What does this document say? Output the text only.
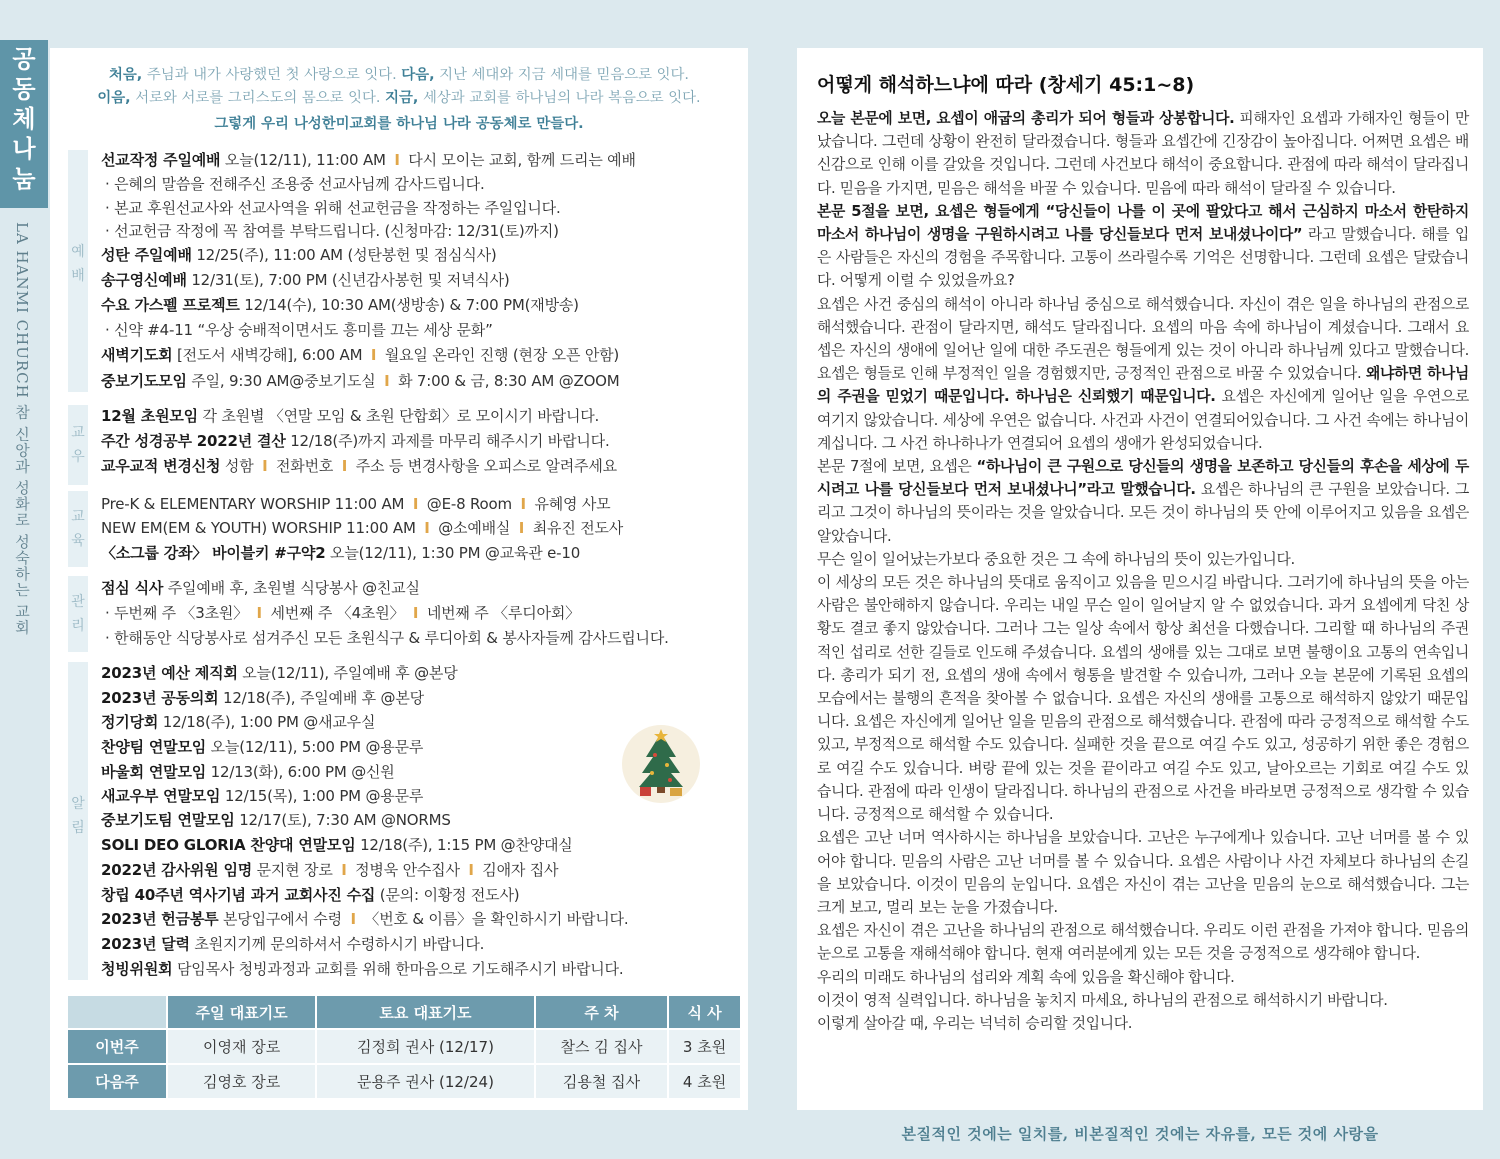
공
동
체
나
눔
LA HANMI CHURCH 참 신앙과 성화로 성숙하는 교회
처음, 주님과 내가 사랑했던 첫 사랑으로 잇다. 다음, 지난 세대와 지금 세대를 믿음으로 잇다.
이음, 서로와 서로를 그리스도의 몸으로 잇다. 지금, 세상과 교회를 하나님의 나라 복음으로 잇다.
그렇게 우리 나성한미교회를 하나님 나라 공동체로 만들다.
예
배
선교작정 주일예배 오늘(12/11), 11:00 AM I 다시 모이는 교회, 함께 드리는 예배
· 은혜의 말씀을 전해주신 조용중 선교사님께 감사드립니다.
· 본교 후원선교사와 선교사역을 위해 선교헌금을 작정하는 주일입니다.
· 선교헌금 작정에 꼭 참여를 부탁드립니다. (신청마감: 12/31(토)까지)
성탄 주일예배 12/25(주), 11:00 AM (성탄봉헌 및 점심식사)
송구영신예배 12/31(토), 7:00 PM (신년감사봉헌 및 저녁식사)
수요 가스펠 프로젝트 12/14(수), 10:30 AM(생방송) & 7:00 PM(재방송)
· 신약 #4-11 “우상 숭배적이면서도 흥미를 끄는 세상 문화”
새벽기도회 [전도서 새벽강해], 6:00 AM I 월요일 온라인 진행 (현장 오픈 안함)
중보기도모임 주일, 9:30 AM@중보기도실 I 화 7:00 & 금, 8:30 AM @ZOOM
교
우
12월 초원모임 각 초원별 〈연말 모임 & 초원 단합회〉로 모이시기 바랍니다.
주간 성경공부 2022년 결산 12/18(주)까지 과제를 마무리 해주시기 바랍니다.
교우교적 변경신청 성함 I 전화번호 I 주소 등 변경사항을 오피스로 알려주세요
교
육
Pre-K & ELEMENTARY WORSHIP 11:00 AM I @E-8 Room I 유혜영 사모
NEW EM(EM & YOUTH) WORSHIP 11:00 AM I @소예배실 I 최유진 전도사
〈소그룹 강좌〉 바이블키 #구약2 오늘(12/11), 1:30 PM @교육관 e-10
관
리
점심 식사 주일예배 후, 초원별 식당봉사 @친교실
· 두번째 주 〈3초원〉 I 세번째 주 〈4초원〉 I 네번째 주 〈루디아회〉
· 한해동안 식당봉사로 섬겨주신 모든 초원식구 & 루디아회 & 봉사자들께 감사드립니다.
알
림
2023년 예산 제직회 오늘(12/11), 주일예배 후 @본당
2023년 공동의회 12/18(주), 주일예배 후 @본당
정기당회 12/18(주), 1:00 PM @새교우실
찬양팀 연말모임 오늘(12/11), 5:00 PM @용문루
바울회 연말모임 12/13(화), 6:00 PM @신원
새교우부 연말모임 12/15(목), 1:00 PM @용문루
중보기도팀 연말모임 12/17(토), 7:30 AM @NORMS
SOLI DEO GLORIA 찬양대 연말모임 12/18(주), 1:15 PM @찬양대실
2022년 감사위원 임명 문지현 장로 I 정병욱 안수집사 I 김애자 집사
창립 40주년 역사기념 과거 교회사진 수집 (문의: 이황정 전도사)
2023년 헌금봉투 본당입구에서 수령 I 〈번호 & 이름〉을 확인하시기 바랍니다.
2023년 달력 초원지기께 문의하셔서 수령하시기 바랍니다.
청빙위원회 담임목사 청빙과정과 교회를 위해 한마음으로 기도해주시기 바랍니다.
	주일 대표기도	토요 대표기도	주 차	식 사
이번주	이영재 장로	김정희 권사 (12/17)	찰스 김 집사	3 초원
다음주	김영호 장로	문용주 권사 (12/24)	김용철 집사	4 초원
어떻게 해석하느냐에 따라 (창세기 45:1~8)
오늘 본문에 보면, 요셉이 애굽의 총리가 되어 형들과 상봉합니다. 피해자인 요셉과 가해자인 형들이 만났습니다. 그런데 상황이 완전히 달라졌습니다. 형들과 요셉간에 긴장감이 높아집니다. 어쩌면 요셉은 배신감으로 인해 이를 갈았을 것입니다. 그런데 사건보다 해석이 중요합니다. 관점에 따라 해석이 달라집니다. 믿음을 가지면, 믿음은 해석을 바꿀 수 있습니다. 믿음에 따라 해석이 달라질 수 있습니다.
본문 5절을 보면, 요셉은 형들에게 “당신들이 나를 이 곳에 팔았다고 해서 근심하지 마소서 한탄하지 마소서 하나님이 생명을 구원하시려고 나를 당신들보다 먼저 보내셨나이다” 라고 말했습니다. 해를 입은 사람들은 자신의 경험을 주목합니다. 고통이 쓰라릴수록 기억은 선명합니다. 그런데 요셉은 달랐습니다. 어떻게 이럴 수 있었을까요?
요셉은 사건 중심의 해석이 아니라 하나님 중심으로 해석했습니다. 자신이 겪은 일을 하나님의 관점으로 해석했습니다. 관점이 달라지면, 해석도 달라집니다. 요셉의 마음 속에 하나님이 계셨습니다. 그래서 요셉은 자신의 생애에 일어난 일에 대한 주도권은 형들에게 있는 것이 아니라 하나님께 있다고 말했습니다. 요셉은 형들로 인해 부정적인 일을 경험했지만, 긍정적인 관점으로 바꿀 수 있었습니다. 왜냐하면 하나님의 주권을 믿었기 때문입니다. 하나님은 신뢰했기 때문입니다. 요셉은 자신에게 일어난 일을 우연으로 여기지 않았습니다. 세상에 우연은 없습니다. 사건과 사건이 연결되어있습니다. 그 사건 속에는 하나님이 계십니다. 그 사건 하나하나가 연결되어 요셉의 생애가 완성되었습니다.
본문 7절에 보면, 요셉은 “하나님이 큰 구원으로 당신들의 생명을 보존하고 당신들의 후손을 세상에 두시려고 나를 당신들보다 먼저 보내셨나니”라고 말했습니다. 요셉은 하나님의 큰 구원을 보았습니다. 그리고 그것이 하나님의 뜻이라는 것을 알았습니다. 모든 것이 하나님의 뜻 안에 이루어지고 있음을 요셉은 알았습니다.
무슨 일이 일어났는가보다 중요한 것은 그 속에 하나님의 뜻이 있는가입니다.
이 세상의 모든 것은 하나님의 뜻대로 움직이고 있음을 믿으시길 바랍니다. 그러기에 하나님의 뜻을 아는 사람은 불안해하지 않습니다. 우리는 내일 무슨 일이 일어날지 알 수 없었습니다. 과거 요셉에게 닥친 상황도 결코 좋지 않았습니다. 그러나 그는 일상 속에서 항상 최선을 다했습니다. 그리할 때 하나님의 주권적인 섭리로 선한 길들로 인도해 주셨습니다. 요셉의 생애를 있는 그대로 보면 불행이요 고통의 연속입니다. 총리가 되기 전, 요셉의 생애 속에서 형통을 발견할 수 있습니까, 그러나 오늘 본문에 기록된 요셉의 모습에서는 불행의 흔적을 찾아볼 수 없습니다. 요셉은 자신의 생애를 고통으로 해석하지 않았기 때문입니다. 요셉은 자신에게 일어난 일을 믿음의 관점으로 해석했습니다. 관점에 따라 긍정적으로 해석할 수도 있고, 부정적으로 해석할 수도 있습니다. 실패한 것을 끝으로 여길 수도 있고, 성공하기 위한 좋은 경험으로 여길 수도 있습니다. 벼랑 끝에 있는 것을 끝이라고 여길 수도 있고, 날아오르는 기회로 여길 수도 있습니다. 관점에 따라 인생이 달라집니다. 하나님의 관점으로 사건을 바라보면 긍정적으로 생각할 수 있습니다. 긍정적으로 해석할 수 있습니다.
요셉은 고난 너머 역사하시는 하나님을 보았습니다. 고난은 누구에게나 있습니다. 고난 너머를 볼 수 있어야 합니다. 믿음의 사람은 고난 너머를 볼 수 있습니다. 요셉은 사람이나 사건 자체보다 하나님의 손길을 보았습니다. 이것이 믿음의 눈입니다. 요셉은 자신이 겪는 고난을 믿음의 눈으로 해석했습니다. 그는 크게 보고, 멀리 보는 눈을 가졌습니다.
요셉은 자신이 겪은 고난을 하나님의 관점으로 해석했습니다. 우리도 이런 관점을 가져야 합니다. 믿음의 눈으로 고통을 재해석해야 합니다. 현재 여러분에게 있는 모든 것을 긍정적으로 생각해야 합니다.
우리의 미래도 하나님의 섭리와 계획 속에 있음을 확신해야 합니다.
이것이 영적 실력입니다. 하나님을 놓치지 마세요, 하나님의 관점으로 해석하시기 바랍니다.
이렇게 살아갈 때, 우리는 넉넉히 승리할 것입니다.
본질적인 것에는 일치를, 비본질적인 것에는 자유를, 모든 것에 사랑을
